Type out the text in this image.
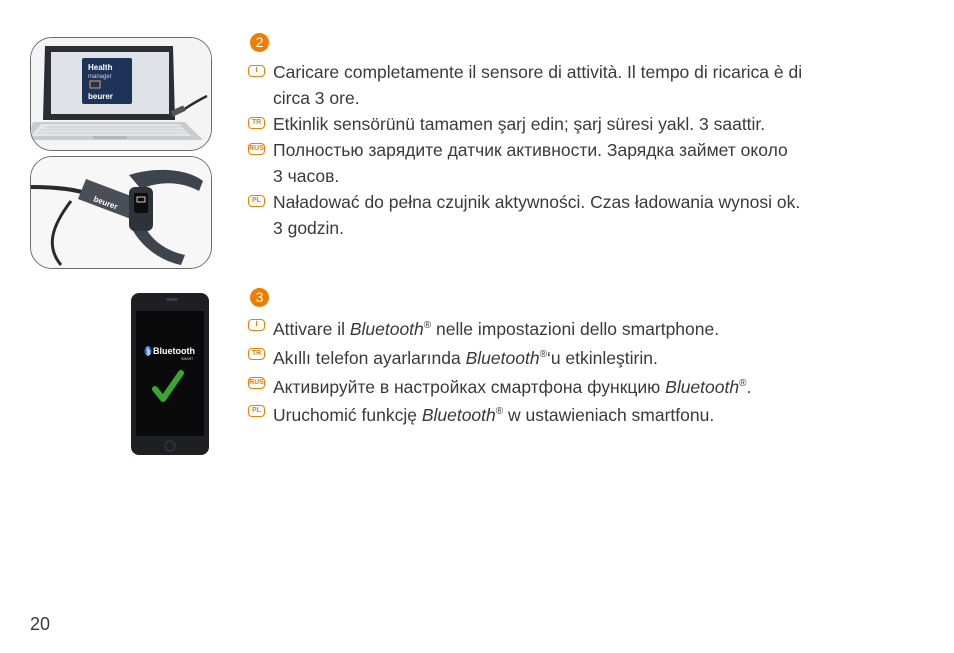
Health
manager
beurer
beurer
Bluetooth
SMART
2
I Caricare completamente il sensore di attività. Il tempo di ricarica è di
circa 3 ore.
TR Etkinlik sensörünü tamamen şarj edin; şarj süresi yakl. 3 saattir.
RUS Полностью зарядите датчик активности. Зарядка займет около
3 часов.
PL Naładować do pełna czujnik aktywności. Czas ładowania wynosi ok.
3 godzin.
3
I Attivare il Bluetooth® nelle impostazioni dello smartphone.
TR Akıllı telefon ayarlarında Bluetooth®‘u etkinleştirin.
RUS Активируйте в настройках смартфона функцию Bluetooth®.
PL Uruchomić funkcję Bluetooth® w ustawieniach smartfonu.
20
